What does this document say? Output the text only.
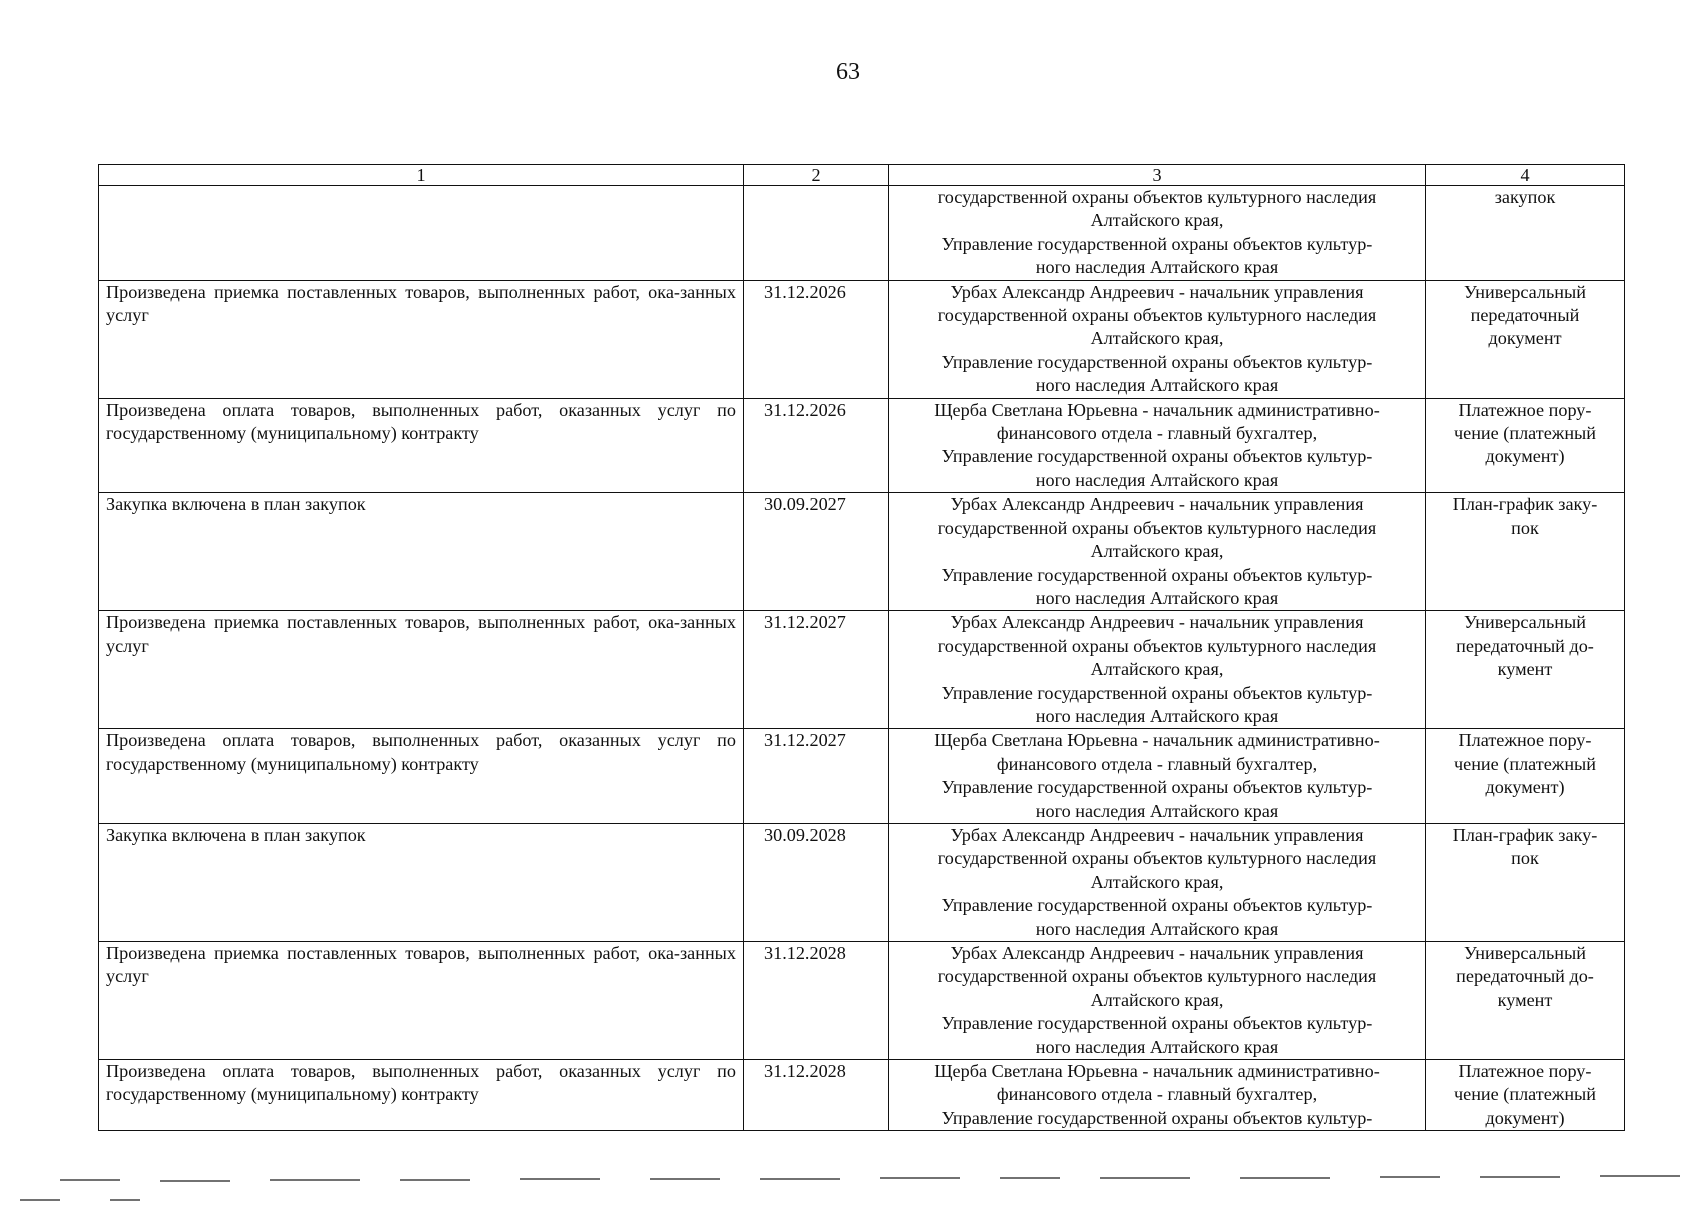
63
1	2	3	4

		государственной охраны объектов культурного наследия
Алтайского края,
Управление государственной охраны объектов культур-
ного наследия Алтайского края	закупок

Произведена приемка поставленных товаров, выполненных работ, ока-занных услуг	31.12.2026	Урбах Александр Андреевич - начальник управления
государственной охраны объектов культурного наследия
Алтайского края,
Управление государственной охраны объектов культур-
ного наследия Алтайского края	Универсальный
передаточный
документ

Произведена оплата товаров, выполненных работ, оказанных услуг по государственному (муниципальному) контракту	31.12.2026	Щерба Светлана Юрьевна - начальник административно-
финансового отдела - главный бухгалтер,
Управление государственной охраны объектов культур-
ного наследия Алтайского края	Платежное пору-
чение (платежный
документ)

Закупка включена в план закупок	30.09.2027	Урбах Александр Андреевич - начальник управления
государственной охраны объектов культурного наследия
Алтайского края,
Управление государственной охраны объектов культур-
ного наследия Алтайского края	План-график заку-
пок

Произведена приемка поставленных товаров, выполненных работ, ока-занных услуг	31.12.2027	Урбах Александр Андреевич - начальник управления
государственной охраны объектов культурного наследия
Алтайского края,
Управление государственной охраны объектов культур-
ного наследия Алтайского края	Универсальный
передаточный до-
кумент

Произведена оплата товаров, выполненных работ, оказанных услуг по государственному (муниципальному) контракту	31.12.2027	Щерба Светлана Юрьевна - начальник административно-
финансового отдела - главный бухгалтер,
Управление государственной охраны объектов культур-
ного наследия Алтайского края	Платежное пору-
чение (платежный
документ)

Закупка включена в план закупок	30.09.2028	Урбах Александр Андреевич - начальник управления
государственной охраны объектов культурного наследия
Алтайского края,
Управление государственной охраны объектов культур-
ного наследия Алтайского края	План-график заку-
пок

Произведена приемка поставленных товаров, выполненных работ, ока-занных услуг	31.12.2028	Урбах Александр Андреевич - начальник управления
государственной охраны объектов культурного наследия
Алтайского края,
Управление государственной охраны объектов культур-
ного наследия Алтайского края	Универсальный
передаточный до-
кумент

Произведена оплата товаров, выполненных работ, оказанных услуг по государственному (муниципальному) контракту	31.12.2028	Щерба Светлана Юрьевна - начальник административно-
финансового отдела - главный бухгалтер,
Управление государственной охраны объектов культур-	Платежное пору-
чение (платежный
документ)
